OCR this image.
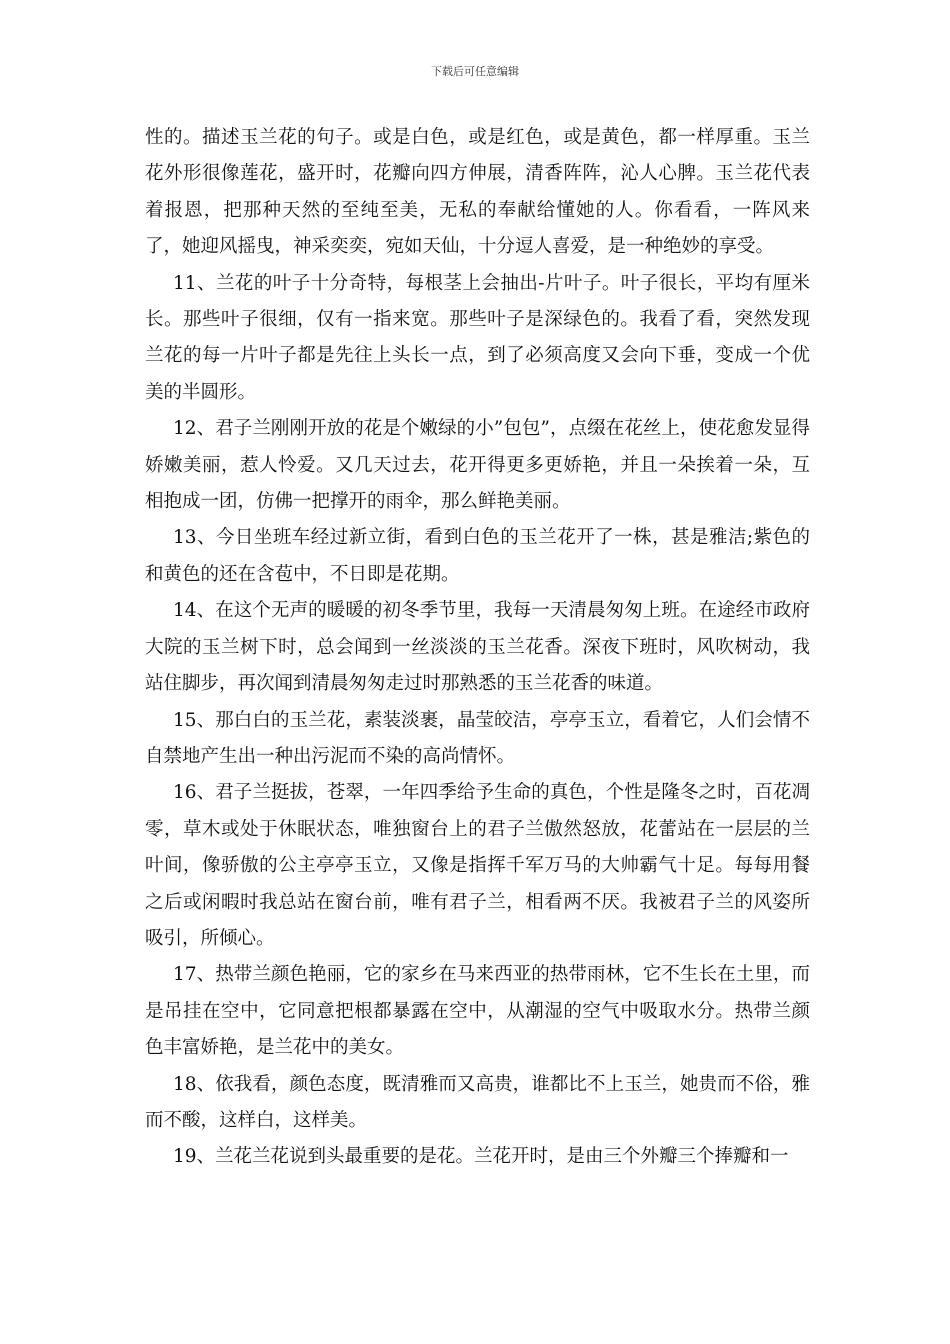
下载后可任意编辑

性的。描述玉兰花的句子。或是白色，或是红色，或是黄色，都一样厚重。玉兰花外形很像莲花，盛开时，花瓣向四方伸展，清香阵阵，沁人心脾。玉兰花代表着报恩，把那种天然的至纯至美，无私的奉献给懂她的人。你看看，一阵风来了，她迎风摇曳，神采奕奕，宛如天仙，十分逗人喜爱，是一种绝妙的享受。

11、兰花的叶子十分奇特，每根茎上会抽出-片叶子。叶子很长，平均有厘米长。那些叶子很细，仅有一指来宽。那些叶子是深绿色的。我看了看，突然发现兰花的每一片叶子都是先往上头长一点，到了必须高度又会向下垂，变成一个优美的半圆形。

12、君子兰刚刚开放的花是个嫩绿的小”包包”，点缀在花丝上，使花愈发显得娇嫩美丽，惹人怜爱。又几天过去，花开得更多更娇艳，并且一朵挨着一朵，互相抱成一团，仿佛一把撑开的雨伞，那么鲜艳美丽。

13、今日坐班车经过新立街，看到白色的玉兰花开了一株，甚是雅洁;紫色的和黄色的还在含苞中，不日即是花期。

14、在这个无声的暖暖的初冬季节里，我每一天清晨匆匆上班。在途经市政府大院的玉兰树下时，总会闻到一丝淡淡的玉兰花香。深夜下班时，风吹树动，我站住脚步，再次闻到清晨匆匆走过时那熟悉的玉兰花香的味道。

15、那白白的玉兰花，素装淡裹，晶莹皎洁，亭亭玉立，看着它，人们会情不自禁地产生出一种出污泥而不染的高尚情怀。

16、君子兰挺拔，苍翠，一年四季给予生命的真色，个性是隆冬之时，百花凋零，草木或处于休眠状态，唯独窗台上的君子兰傲然怒放，花蕾站在一层层的兰叶间，像骄傲的公主亭亭玉立，又像是指挥千军万马的大帅霸气十足。每每用餐之后或闲暇时我总站在窗台前，唯有君子兰，相看两不厌。我被君子兰的风姿所吸引，所倾心。

17、热带兰颜色艳丽，它的家乡在马来西亚的热带雨林，它不生长在土里，而是吊挂在空中，它同意把根都暴露在空中，从潮湿的空气中吸取水分。热带兰颜色丰富娇艳，是兰花中的美女。

18、依我看，颜色态度，既清雅而又高贵，谁都比不上玉兰，她贵而不俗，雅而不酸，这样白，这样美。

19、兰花兰花说到头最重要的是花。兰花开时，是由三个外瓣三个捧瓣和一
